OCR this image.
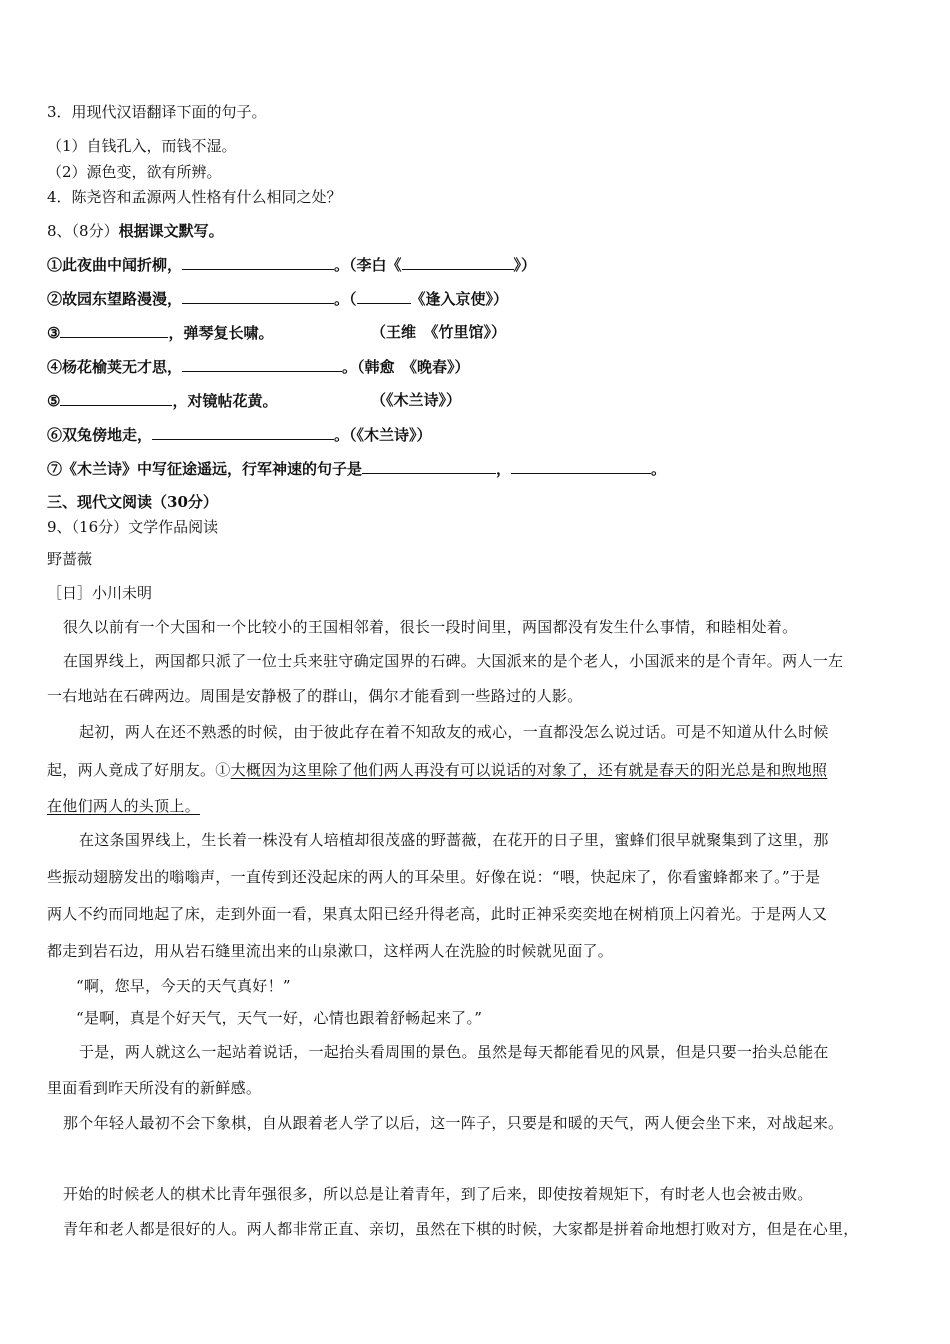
3．用现代汉语翻译下面的句子。
（1）自钱孔入，而钱不湿。
（2）源色变，欲有所辨。
4．陈尧咨和孟源两人性格有什么相同之处？
8、（8分）根据课文默写。
①此夜曲中闻折柳，	。（李白《	》）
②故园东望路漫漫，	。（	《逢入京使》）
③	，弹琴复长啸。	（王维　《竹里馆》）
④杨花榆荚无才思，	。（韩愈　《晚春》）
⑤	，对镜帖花黄。	（《木兰诗》）
⑥双兔傍地走，	。（《木兰诗》）
⑦《木兰诗》中写征途遥远，行军神速的句子是	，	。
三、现代文阅读（30分）
9、（16分）文学作品阅读
野蔷薇
［日］小川未明
很久以前有一个大国和一个比较小的王国相邻着，很长一段时间里，两国都没有发生什么事情，和睦相处着。
在国界线上，两国都只派了一位士兵来驻守确定国界的石碑。大国派来的是个老人，小国派来的是个青年。两人一左
一右地站在石碑两边。周围是安静极了的群山，偶尔才能看到一些路过的人影。
起初，两人在还不熟悉的时候，由于彼此存在着不知敌友的戒心，一直都没怎么说过话。可是不知道从什么时候
起，两人竟成了好朋友。①大概因为这里除了他们两人再没有可以说话的对象了，还有就是春天的阳光总是和煦地照
在他们两人的头顶上。
在这条国界线上，生长着一株没有人培植却很茂盛的野蔷薇，在花开的日子里，蜜蜂们很早就聚集到了这里，那
些振动翅膀发出的嗡嗡声，一直传到还没起床的两人的耳朵里。好像在说：“喂，快起床了，你看蜜蜂都来了。”于是
两人不约而同地起了床，走到外面一看，果真太阳已经升得老高，此时正神采奕奕地在树梢顶上闪着光。于是两人又
都走到岩石边，用从岩石缝里流出来的山泉漱口，这样两人在洗脸的时候就见面了。
“啊，您早，今天的天气真好！”
“是啊，真是个好天气，天气一好，心情也跟着舒畅起来了。”
于是，两人就这么一起站着说话，一起抬头看周围的景色。虽然是每天都能看见的风景，但是只要一抬头总能在
里面看到昨天所没有的新鲜感。
那个年轻人最初不会下象棋，自从跟着老人学了以后，这一阵子，只要是和暖的天气，两人便会坐下来，对战起来。
开始的时候老人的棋术比青年强很多，所以总是让着青年，到了后来，即使按着规矩下，有时老人也会被击败。
青年和老人都是很好的人。两人都非常正直、亲切，虽然在下棋的时候，大家都是拼着命地想打败对方，但是在心里，
